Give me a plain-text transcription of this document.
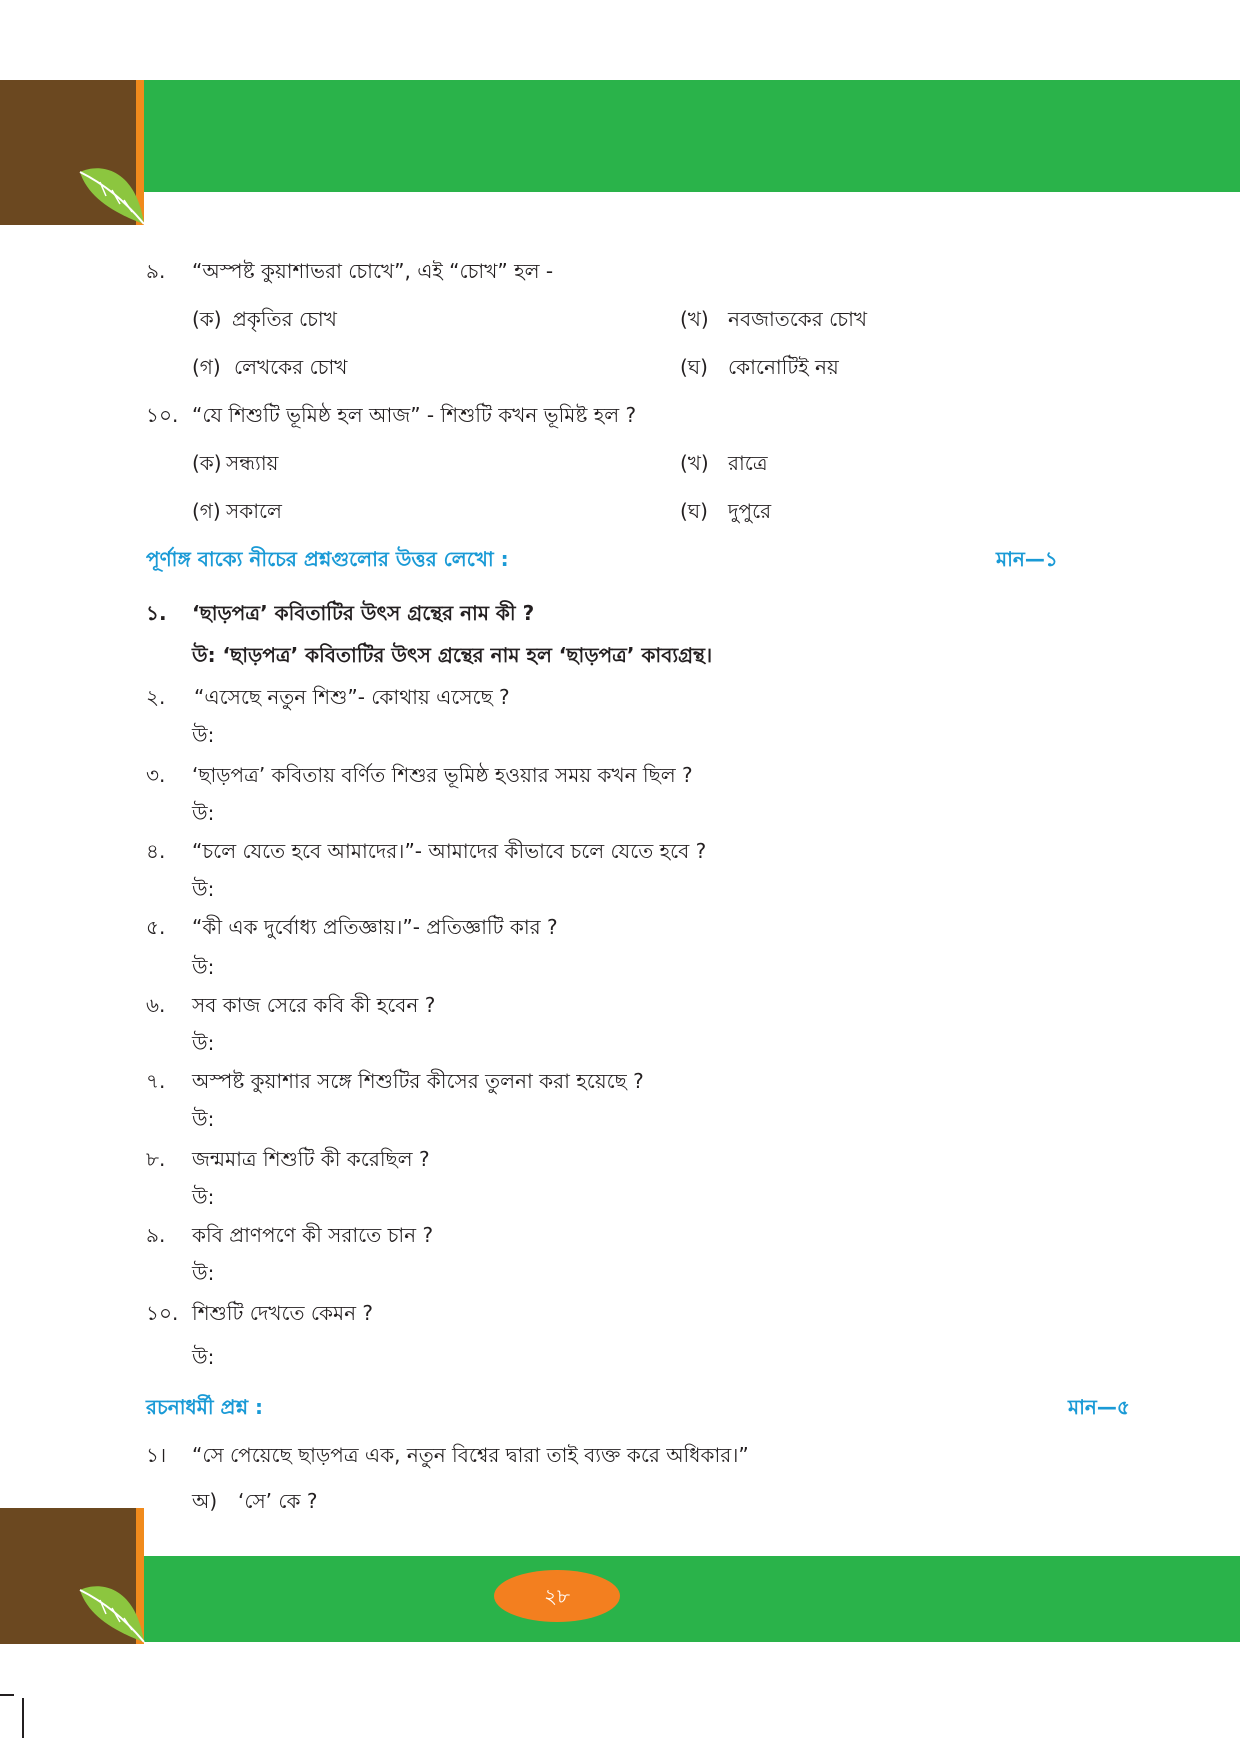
৯. “অস্পষ্ট কুয়াশাভরা চোখে”, এই “চোখ” হল -
(ক) প্রকৃতির চোখ	(খ) নবজাতকের চোখ
(গ) লেখকের চোখ	(ঘ) কোনোটিই নয়
১০. “যে শিশুটি ভূমিষ্ঠ হল আজ” - শিশুটি কখন ভূমিষ্ট হল ?
(ক) সন্ধ্যায়	(খ) রাত্রে
(গ) সকালে	(ঘ) দুপুরে
পূর্ণাঙ্গ বাক্যে নীচের প্রশ্নগুলোর উত্তর লেখো :	মান—১
১. ‘ছাড়পত্র’ কবিতাটির উৎস গ্রন্থের নাম কী ?
উ: ‘ছাড়পত্র’ কবিতাটির উৎস গ্রন্থের নাম হল ‘ছাড়পত্র’ কাব্যগ্রন্থ।
২. “এসেছে নতুন শিশু”- কোথায় এসেছে ?
উ:
৩. ‘ছাড়পত্র’ কবিতায় বর্ণিত শিশুর ভূমিষ্ঠ হওয়ার সময় কখন ছিল ?
উ:
৪. “চলে যেতে হবে আমাদের।”- আমাদের কীভাবে চলে যেতে হবে ?
উ:
৫. “কী এক দুর্বোধ্য প্রতিজ্ঞায়।”- প্রতিজ্ঞাটি কার ?
উ:
৬. সব কাজ সেরে কবি কী হবেন ?
উ:
৭. অস্পষ্ট কুয়াশার সঙ্গে শিশুটির কীসের তুলনা করা হয়েছে ?
উ:
৮. জন্মমাত্র শিশুটি কী করেছিল ?
উ:
৯. কবি প্রাণপণে কী সরাতে চান ?
উ:
১০. শিশুটি দেখতে কেমন ?
উ:
রচনাধর্মী প্রশ্ন :	মান—৫
১। “সে পেয়েছে ছাড়পত্র এক, নতুন বিশ্বের দ্বারা তাই ব্যক্ত করে অধিকার।”
অ) ‘সে’ কে ?
২৮
